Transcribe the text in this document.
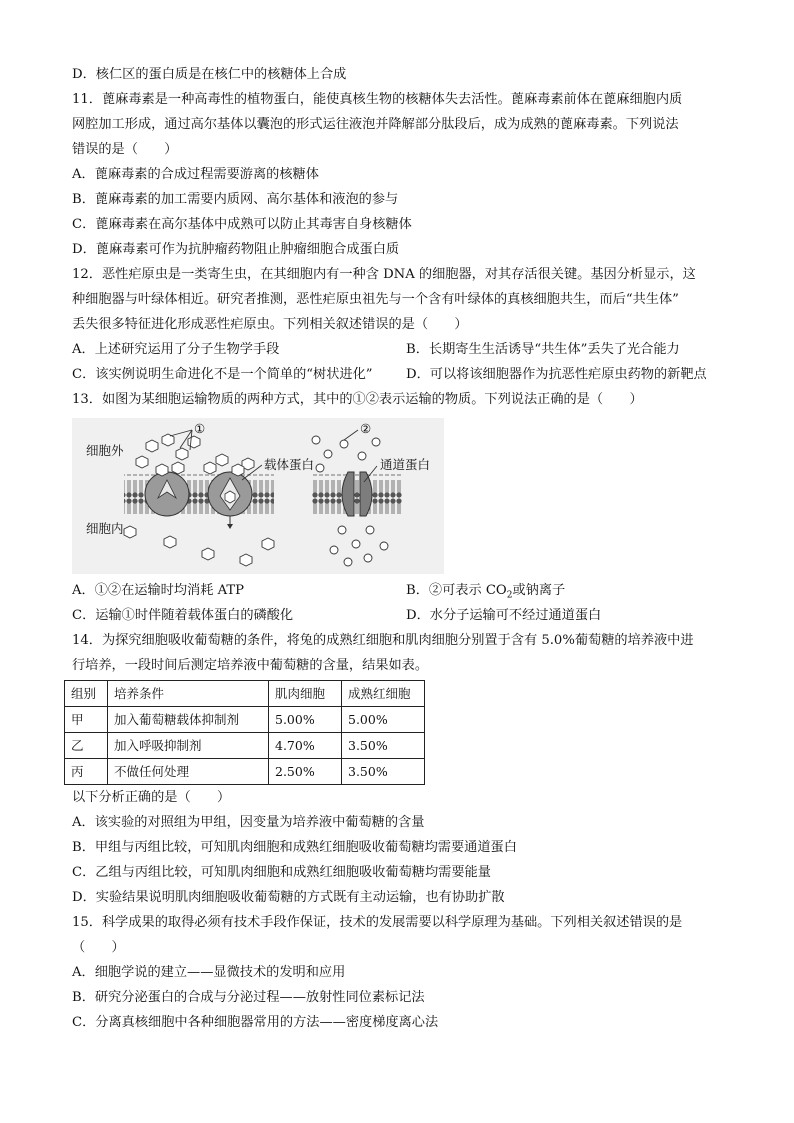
D．核仁区的蛋白质是在核仁中的核糖体上合成
11．蓖麻毒素是一种高毒性的植物蛋白，能使真核生物的核糖体失去活性。蓖麻毒素前体在蓖麻细胞内质
网腔加工形成，通过高尔基体以囊泡的形式运往液泡并降解部分肽段后，成为成熟的蓖麻毒素。下列说法
错误的是（　　）
A．蓖麻毒素的合成过程需要游离的核糖体
B．蓖麻毒素的加工需要内质网、高尔基体和液泡的参与
C．蓖麻毒素在高尔基体中成熟可以防止其毒害自身核糖体
D．蓖麻毒素可作为抗肿瘤药物阻止肿瘤细胞合成蛋白质
12．恶性疟原虫是一类寄生虫，在其细胞内有一种含 DNA 的细胞器，对其存活很关键。基因分析显示，这
种细胞器与叶绿体相近。研究者推测，恶性疟原虫祖先与一个含有叶绿体的真核细胞共生，而后“共生体”
丢失很多特征进化形成恶性疟原虫。下列相关叙述错误的是（　　）
A．上述研究运用了分子生物学手段	B．长期寄生生活诱导“共生体”丢失了光合能力
C．该实例说明生命进化不是一个简单的“树状进化”	D．可以将该细胞器作为抗恶性疟原虫药物的新靶点
13．如图为某细胞运输物质的两种方式，其中的①②表示运输的物质。下列说法正确的是（　　）
细胞外
细胞内
①	②
载体蛋白	通道蛋白
A．①②在运输时均消耗 ATP	B．②可表示 $CO_2$或钠离子
C．运输①时伴随着载体蛋白的磷酸化	D．水分子运输可不经过通道蛋白
14．为探究细胞吸收葡萄糖的条件，将兔的成熟红细胞和肌肉细胞分别置于含有 5.0%葡萄糖的培养液中进
行培养，一段时间后测定培养液中葡萄糖的含量，结果如表。
组别	培养条件	肌肉细胞	成熟红细胞
甲	加入葡萄糖载体抑制剂	5.00%	5.00%
乙	加入呼吸抑制剂	4.70%	3.50%
丙	不做任何处理	2.50%	3.50%
以下分析正确的是（　　）
A．该实验的对照组为甲组，因变量为培养液中葡萄糖的含量
B．甲组与丙组比较，可知肌肉细胞和成熟红细胞吸收葡萄糖均需要通道蛋白
C．乙组与丙组比较，可知肌肉细胞和成熟红细胞吸收葡萄糖均需要能量
D．实验结果说明肌肉细胞吸收葡萄糖的方式既有主动运输，也有协助扩散
15．科学成果的取得必须有技术手段作保证，技术的发展需要以科学原理为基础。下列相关叙述错误的是
（　　）
A．细胞学说的建立——显微技术的发明和应用
B．研究分泌蛋白的合成与分泌过程——放射性同位素标记法
C．分离真核细胞中各种细胞器常用的方法——密度梯度离心法
